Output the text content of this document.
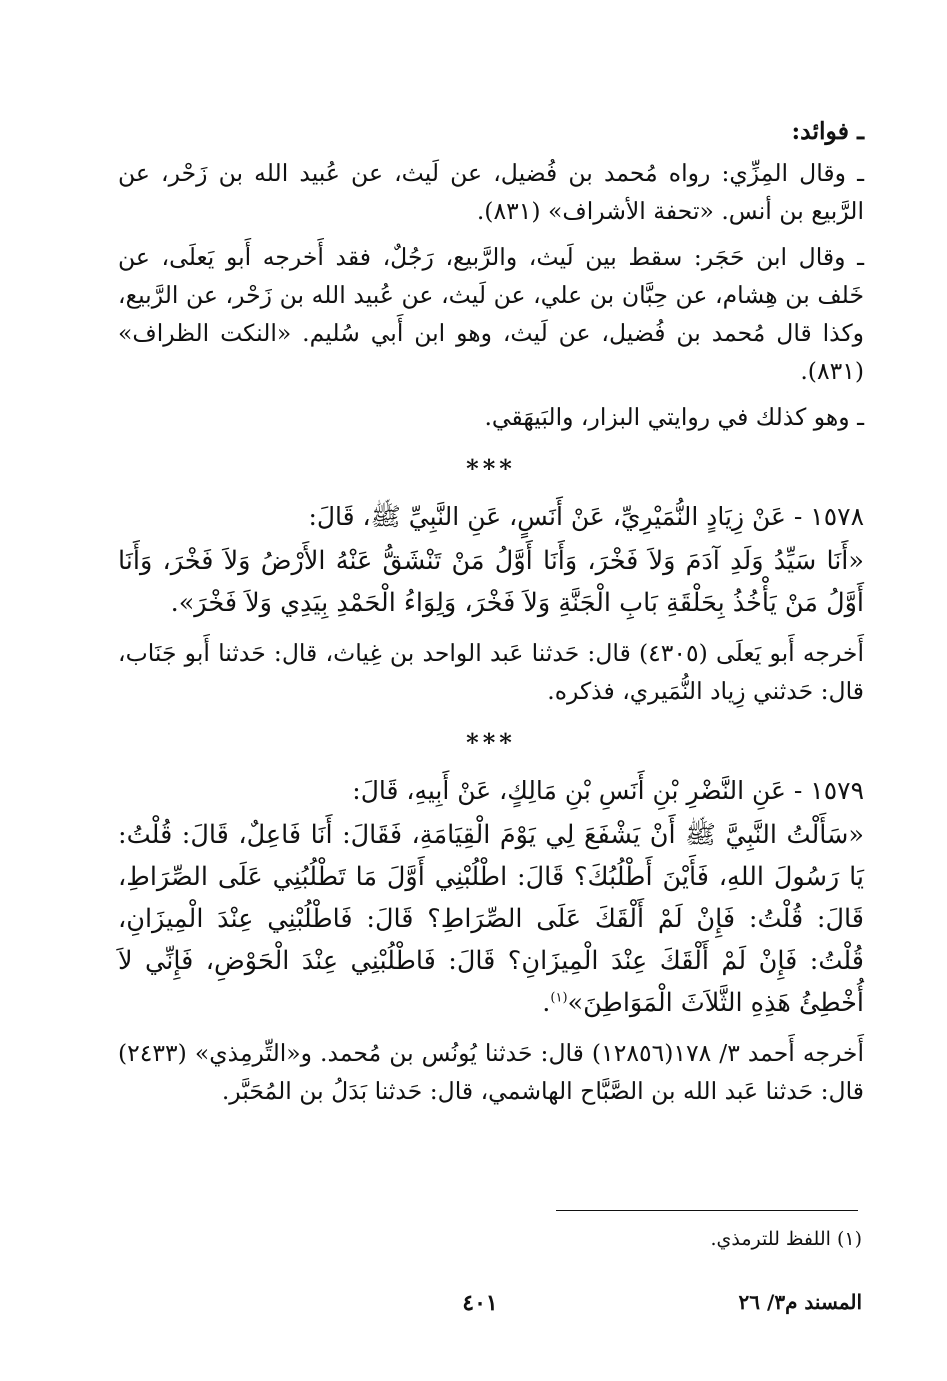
ـ فوائد:

ـ وقال المِزِّي: رواه مُحمد بن فُضيل، عن لَيث، عن عُبيد الله بن زَحْر، عن الرَّبيع بن أنس. «تحفة الأشراف» (٨٣١).

ـ وقال ابن حَجَر: سقط بين لَيث، والرَّبيع، رَجُلٌ، فقد أَخرجه أَبو يَعلَى، عن خَلف بن هِشام، عن حِبَّان بن علي، عن لَيث، عن عُبيد الله بن زَحْر، عن الرَّبيع، وكذا قال مُحمد بن فُضيل، عن لَيث، وهو ابن أَبي سُليم. «النكت الظراف» (٨٣١).

ـ وهو كذلك في روايتي البزار، والبَيهَقي.

***

١٥٧٨ - عَنْ زِيَادٍ النُّمَيْرِيِّ، عَنْ أَنَسٍ، عَنِ النَّبِيِّ ﷺ، قَالَ:

«أَنَا سَيِّدُ وَلَدِ آدَمَ وَلاَ فَخْرَ، وَأَنَا أَوَّلُ مَنْ تَنْشَقُّ عَنْهُ الأَرْضُ وَلاَ فَخْرَ، وَأَنَا أَوَّلُ مَنْ يَأْخُذُ بِحَلْقَةِ بَابِ الْجَنَّةِ وَلاَ فَخْرَ، وَلِوَاءُ الْحَمْدِ بِيَدِي وَلاَ فَخْرَ».

أَخرجه أَبو يَعلَى (٤٣٠٥) قال: حَدثنا عَبد الواحد بن غِياث، قال: حَدثنا أَبو جَنَاب، قال: حَدثني زِياد النُّمَيري، فذكره.

***

١٥٧٩ - عَنِ النَّضْرِ بْنِ أَنَسِ بْنِ مَالِكٍ، عَنْ أَبِيهِ، قَالَ:

«سَأَلْتُ النَّبِيَّ ﷺ أَنْ يَشْفَعَ لِي يَوْمَ الْقِيَامَةِ، فَقَالَ: أَنَا فَاعِلٌ، قَالَ: قُلْتُ: يَا رَسُولَ اللهِ، فَأَيْنَ أَطْلُبُكَ؟ قَالَ: اطْلُبْنِي أَوَّلَ مَا تَطْلُبُنِي عَلَى الصِّرَاطِ، قَالَ: قُلْتُ: فَإِنْ لَمْ أَلْقَكَ عَلَى الصِّرَاطِ؟ قَالَ: فَاطْلُبْنِي عِنْدَ الْمِيزَانِ، قُلْتُ: فَإِنْ لَمْ أَلْقَكَ عِنْدَ الْمِيزَانِ؟ قَالَ: فَاطْلُبْنِي عِنْدَ الْحَوْضِ، فَإِنِّي لاَ أُخْطِئُ هَذِهِ الثَّلاَثَ الْمَوَاطِنَ»$^{(١)}$.

أَخرجه أَحمد ٣/ ١٧٨(١٢٨٥٦) قال: حَدثنا يُونُس بن مُحمد. و«التِّرمِذي» (٢٤٣٣) قال: حَدثنا عَبد الله بن الصَّبَّاح الهاشمي، قال: حَدثنا بَدَلُ بن المُحَبَّر.

(١) اللفظ للترمذي.
المسند م٣/ ٢٦
٤٠١
